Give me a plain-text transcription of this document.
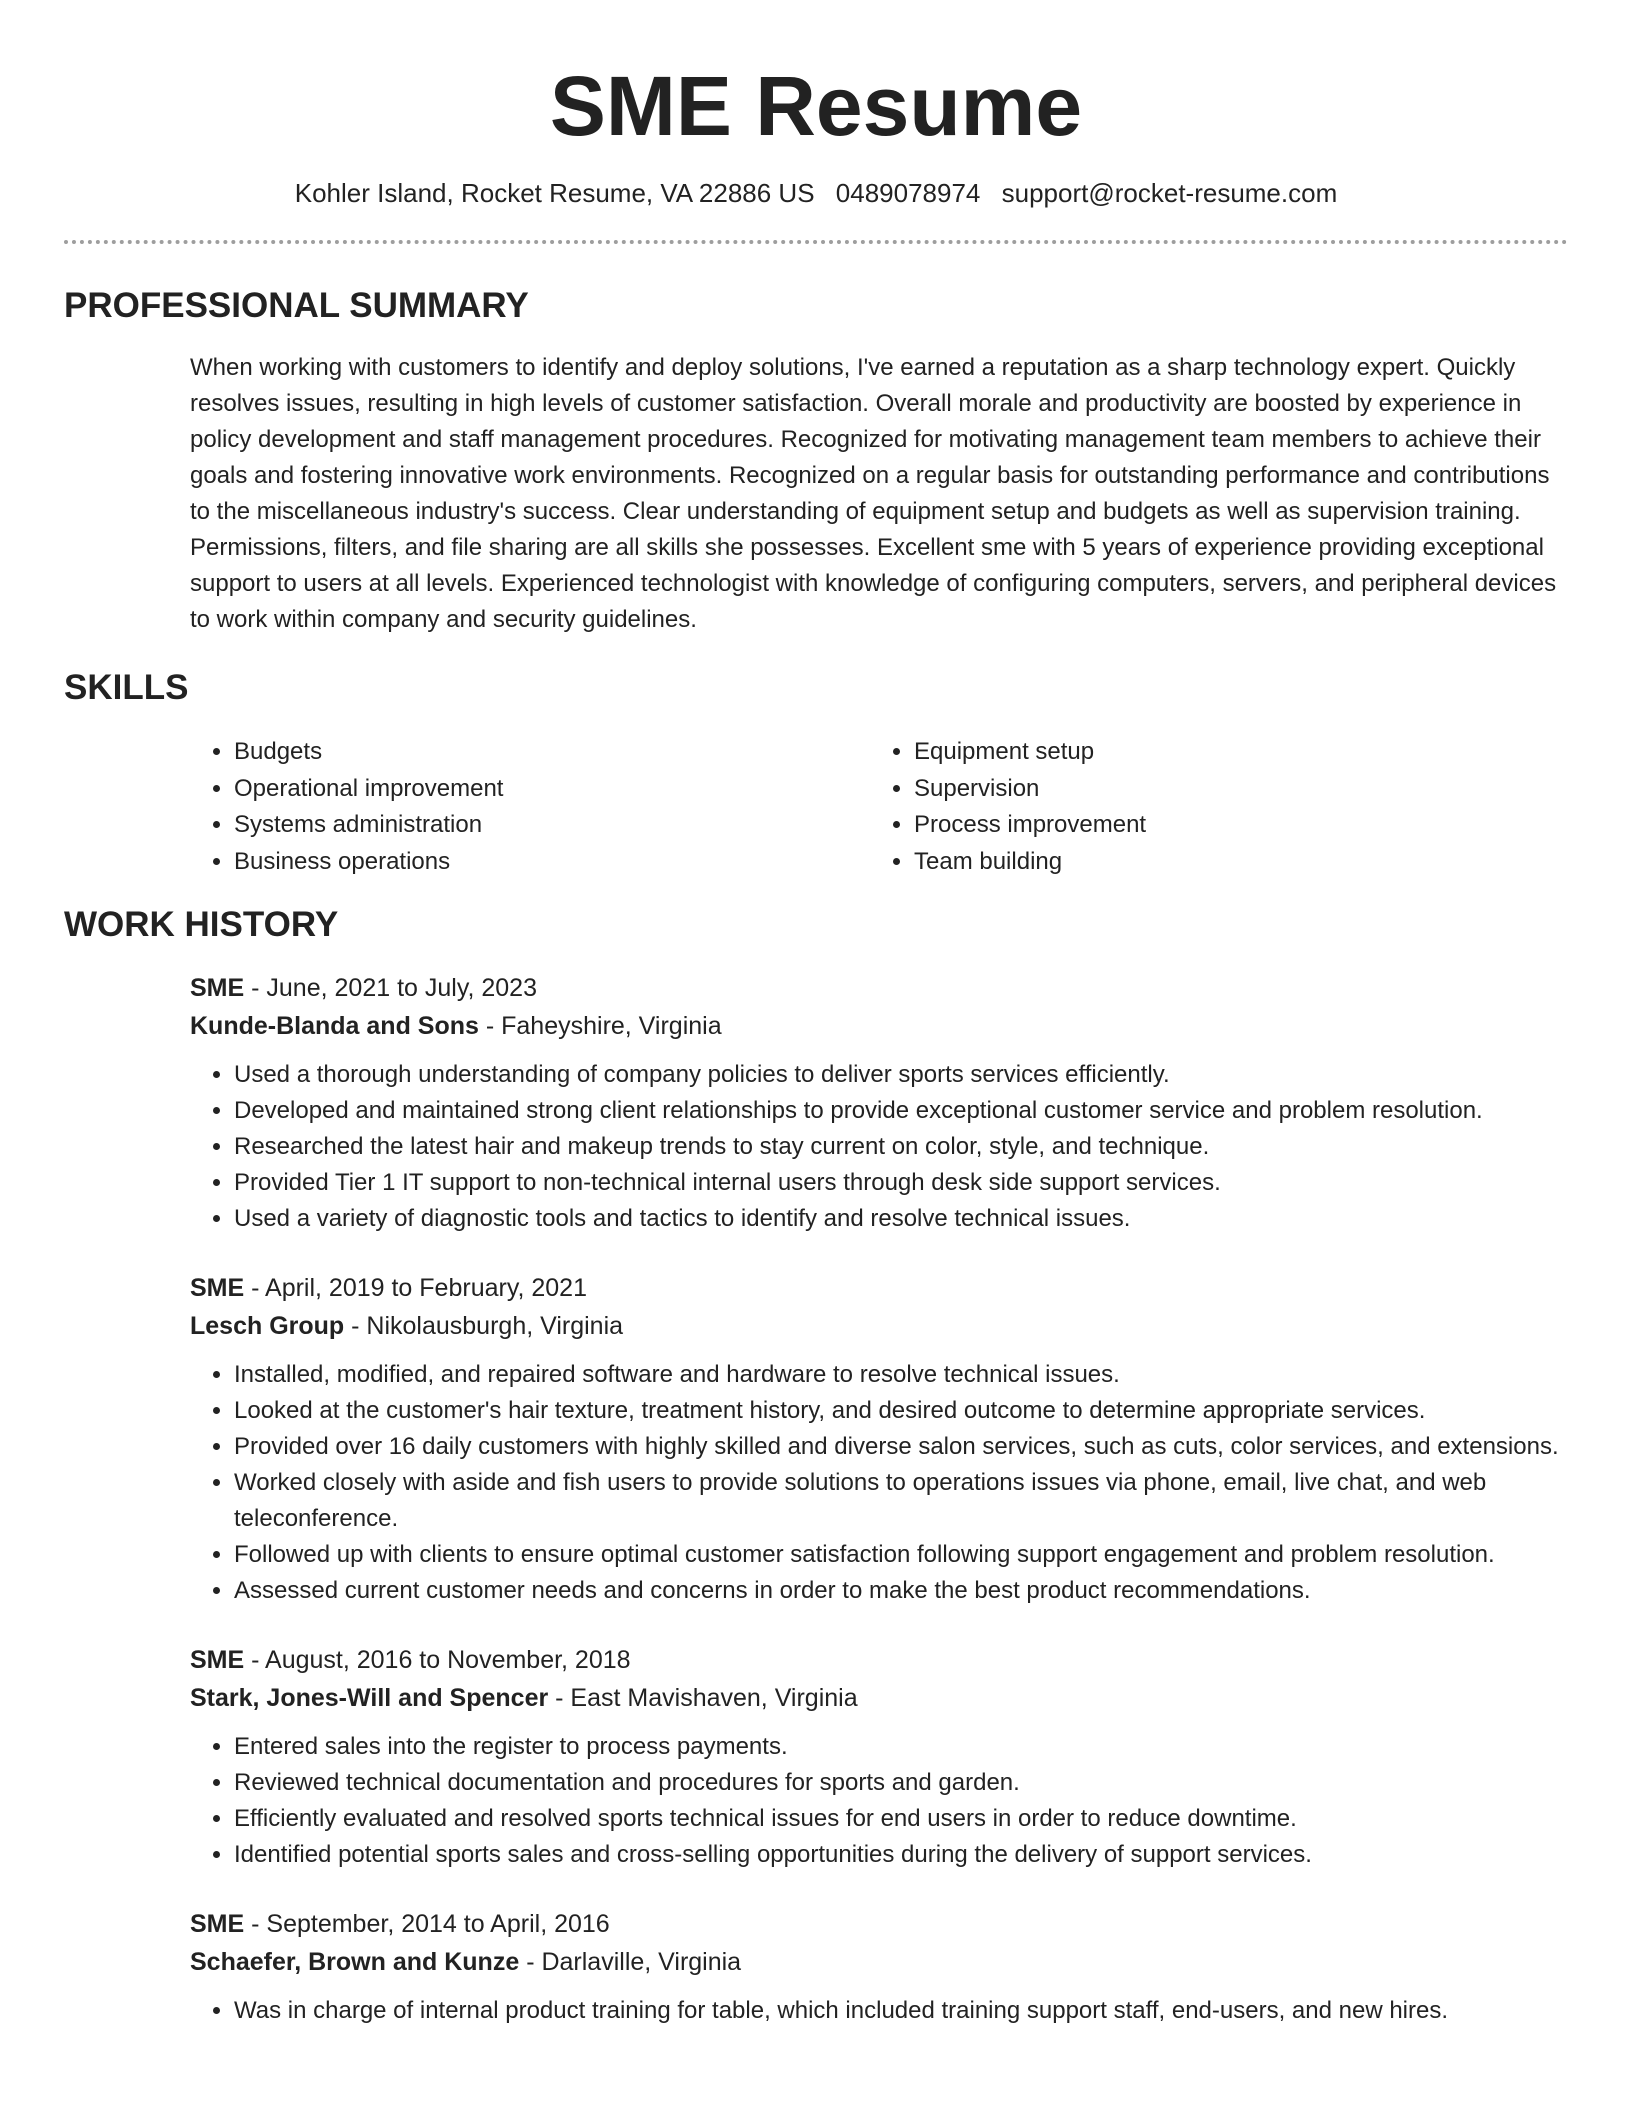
SME Resume
Kohler Island, Rocket Resume, VA 22886 US 0489078974 support@rocket-resume.com
PROFESSIONAL SUMMARY

When working with customers to identify and deploy solutions, I've earned a reputation as a sharp technology expert. Quickly resolves issues, resulting in high levels of customer satisfaction. Overall morale and productivity are boosted by experience in policy development and staff management procedures. Recognized for motivating management team members to achieve their goals and fostering innovative work environments. Recognized on a regular basis for outstanding performance and contributions to the miscellaneous industry's success. Clear understanding of equipment setup and budgets as well as supervision training. Permissions, filters, and file sharing are all skills she possesses. Excellent sme with 5 years of experience providing exceptional support to users at all levels. Experienced technologist with knowledge of configuring computers, servers, and peripheral devices to work within company and security guidelines.

SKILLS
• Budgets
• Operational improvement
• Systems administration
• Business operations
• Equipment setup
• Supervision
• Process improvement
• Team building
WORK HISTORY
SME - June, 2021 to July, 2023
Kunde-Blanda and Sons - Faheyshire, Virginia
• Used a thorough understanding of company policies to deliver sports services efficiently.
• Developed and maintained strong client relationships to provide exceptional customer service and problem resolution.
• Researched the latest hair and makeup trends to stay current on color, style, and technique.
• Provided Tier 1 IT support to non-technical internal users through desk side support services.
• Used a variety of diagnostic tools and tactics to identify and resolve technical issues.
SME - April, 2019 to February, 2021
Lesch Group - Nikolausburgh, Virginia
• Installed, modified, and repaired software and hardware to resolve technical issues.
• Looked at the customer's hair texture, treatment history, and desired outcome to determine appropriate services.
• Provided over 16 daily customers with highly skilled and diverse salon services, such as cuts, color services, and extensions.
• Worked closely with aside and fish users to provide solutions to operations issues via phone, email, live chat, and web teleconference.
• Followed up with clients to ensure optimal customer satisfaction following support engagement and problem resolution.
• Assessed current customer needs and concerns in order to make the best product recommendations.
SME - August, 2016 to November, 2018
Stark, Jones-Will and Spencer - East Mavishaven, Virginia
• Entered sales into the register to process payments.
• Reviewed technical documentation and procedures for sports and garden.
• Efficiently evaluated and resolved sports technical issues for end users in order to reduce downtime.
• Identified potential sports sales and cross-selling opportunities during the delivery of support services.
SME - September, 2014 to April, 2016
Schaefer, Brown and Kunze - Darlaville, Virginia
• Was in charge of internal product training for table, which included training support staff, end-users, and new hires.
